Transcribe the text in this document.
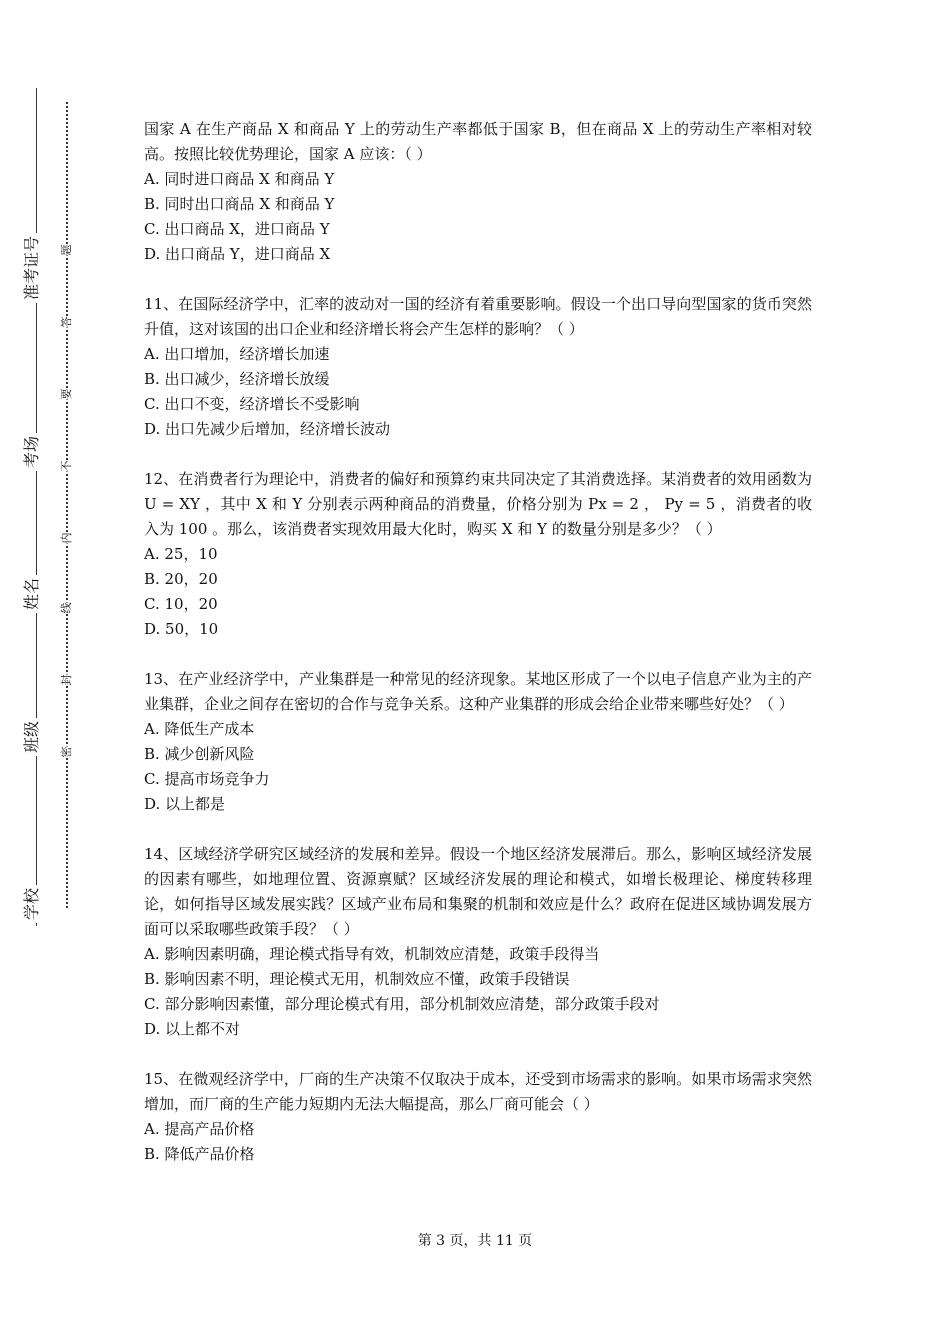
准考证号
考场
姓名
班级
学校
题
答
要
不
内
线
封
密

国家 A 在生产商品 X 和商品 Y 上的劳动生产率都低于国家 B，但在商品 X 上的劳动生产率相对较高。按照比较优势理论，国家 A 应该：（ ）

A. 同时进口商品 X 和商品 Y

B. 同时出口商品 X 和商品 Y

C. 出口商品 X，进口商品 Y

D. 出口商品 Y，进口商品 X

11、在国际经济学中，汇率的波动对一国的经济有着重要影响。假设一个出口导向型国家的货币突然升值，这对该国的出口企业和经济增长将会产生怎样的影响？（ ）

A. 出口增加，经济增长加速

B. 出口减少，经济增长放缓

C. 出口不变，经济增长不受影响

D. 出口先减少后增加，经济增长波动

12、在消费者行为理论中，消费者的偏好和预算约束共同决定了其消费选择。某消费者的效用函数为 U = XY ，其中 X 和 Y 分别表示两种商品的消费量，价格分别为 Px = 2 ， Py = 5 ，消费者的收入为 100 。那么，该消费者实现效用最大化时，购买 X 和 Y 的数量分别是多少？（ ）

A. 25，10

B. 20，20

C. 10，20

D. 50，10

13、在产业经济学中，产业集群是一种常见的经济现象。某地区形成了一个以电子信息产业为主的产业集群，企业之间存在密切的合作与竞争关系。这种产业集群的形成会给企业带来哪些好处？（ ）

A. 降低生产成本

B. 减少创新风险

C. 提高市场竞争力

D. 以上都是

14、区域经济学研究区域经济的发展和差异。假设一个地区经济发展滞后。那么，影响区域经济发展的因素有哪些，如地理位置、资源禀赋？区域经济发展的理论和模式，如增长极理论、梯度转移理论，如何指导区域发展实践？区域产业布局和集聚的机制和效应是什么？政府在促进区域协调发展方面可以采取哪些政策手段？（ ）

A. 影响因素明确，理论模式指导有效，机制效应清楚，政策手段得当

B. 影响因素不明，理论模式无用，机制效应不懂，政策手段错误

C. 部分影响因素懂，部分理论模式有用，部分机制效应清楚，部分政策手段对

D. 以上都不对

15、在微观经济学中，厂商的生产决策不仅取决于成本，还受到市场需求的影响。如果市场需求突然增加，而厂商的生产能力短期内无法大幅提高，那么厂商可能会（ ）

A. 提高产品价格

B. 降低产品价格

第 3 页，共 11 页
